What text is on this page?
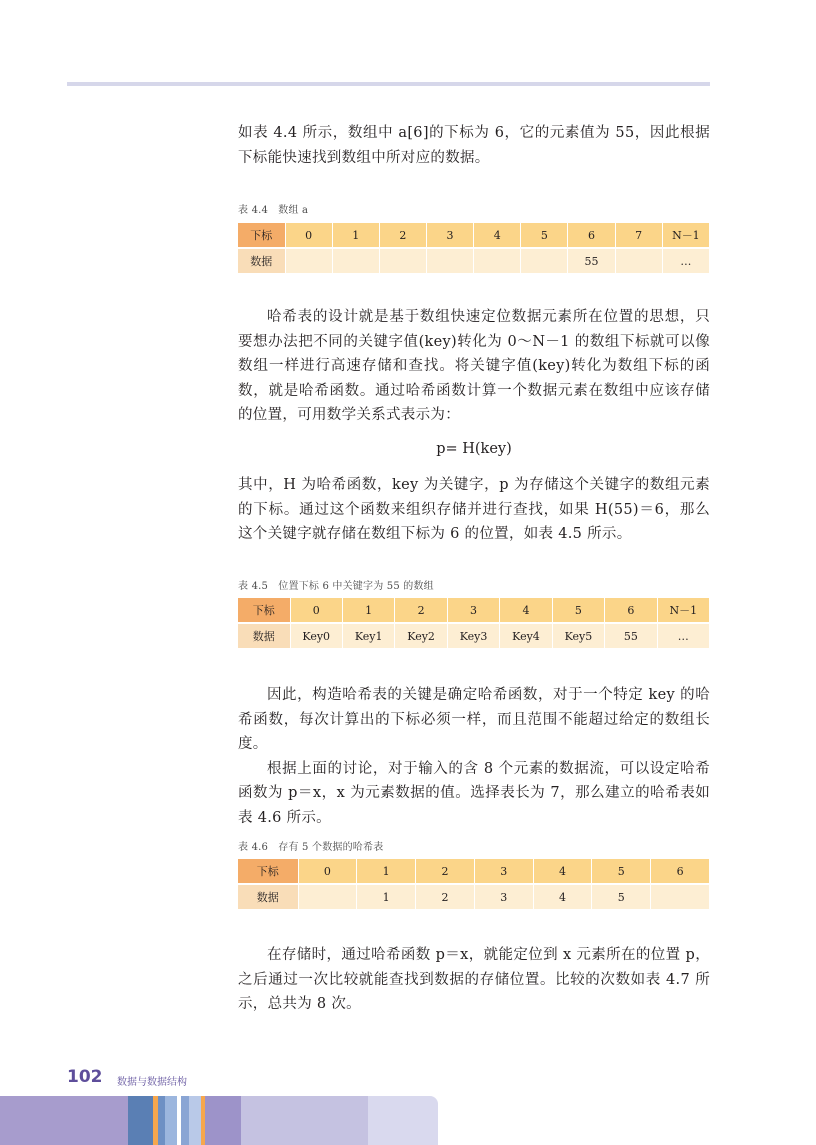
如表 4.4 所示，数组中 a[6]的下标为 6，它的元素值为 55，因此根据下标能快速找到数组中所对应的数据。

表 4.4　数组 a
下标	0	1	2	3	4	5	6	7	N－1
数据							55		…

哈希表的设计就是基于数组快速定位数据元素所在位置的思想，只要想办法把不同的关键字值(key)转化为 0～N－1 的数组下标就可以像数组一样进行高速存储和查找。将关键字值(key)转化为数组下标的函数，就是哈希函数。通过哈希函数计算一个数据元素在数组中应该存储的位置，可用数学关系式表示为：

p= H(key)

其中，H 为哈希函数，key 为关键字，p 为存储这个关键字的数组元素的下标。通过这个函数来组织存储并进行查找，如果 H(55)＝6，那么这个关键字就存储在数组下标为 6 的位置，如表 4.5 所示。

表 4.5　位置下标 6 中关键字为 55 的数组
下标	0	1	2	3	4	5	6	N－1
数据	Key0	Key1	Key2	Key3	Key4	Key5	55	…

因此，构造哈希表的关键是确定哈希函数，对于一个特定 key 的哈希函数，每次计算出的下标必须一样，而且范围不能超过给定的数组长度。

根据上面的讨论，对于输入的含 8 个元素的数据流，可以设定哈希函数为 p＝x，x 为元素数据的值。选择表长为 7，那么建立的哈希表如表 4.6 所示。

表 4.6　存有 5 个数据的哈希表
下标	0	1	2	3	4	5	6
数据		1	2	3	4	5	

在存储时，通过哈希函数 p＝x，就能定位到 x 元素所在的位置 p，之后通过一次比较就能查找到数据的存储位置。比较的次数如表 4.7 所示，总共为 8 次。

102 数据与数据结构
